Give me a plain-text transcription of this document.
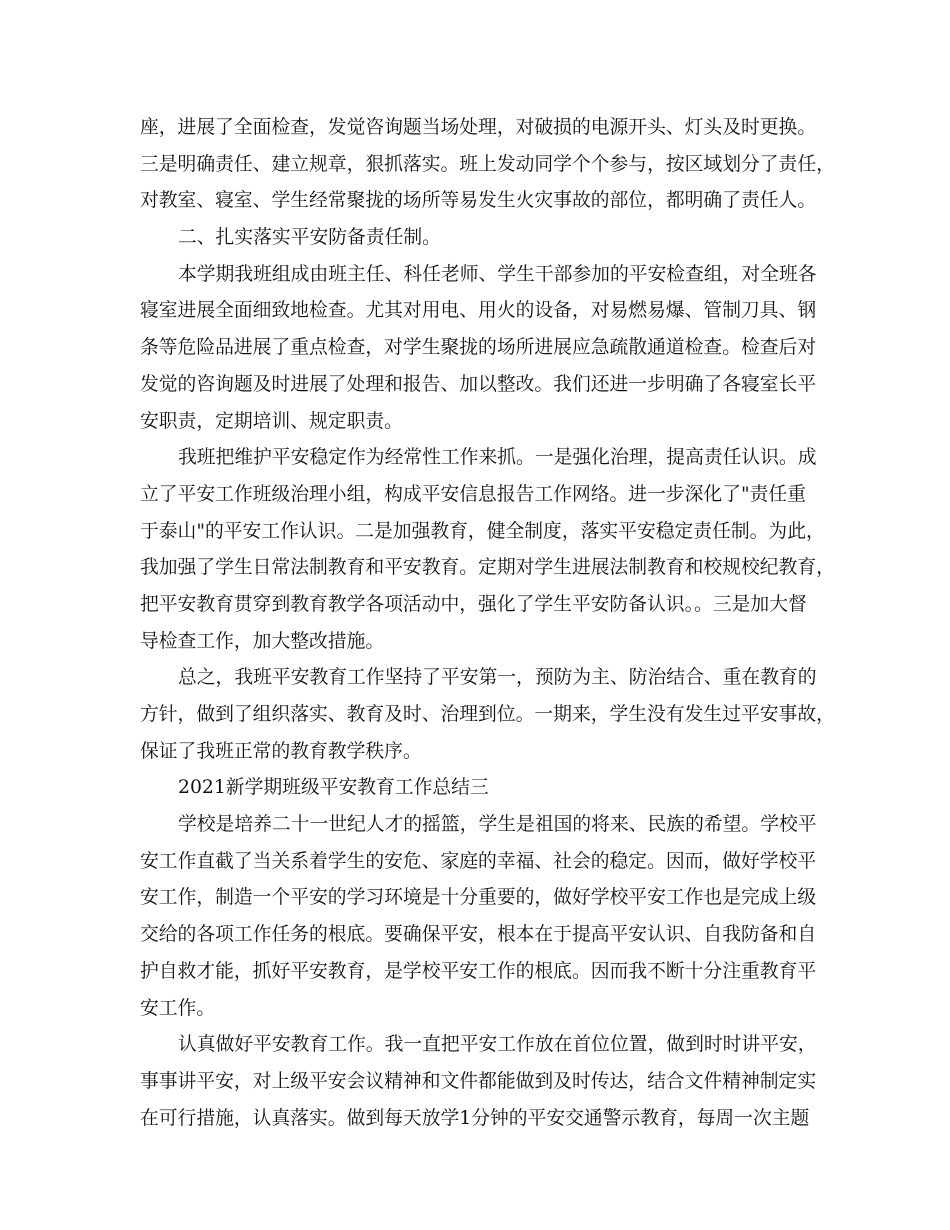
座，进展了全面检查，发觉咨询题当场处理，对破损的电源开头、灯头及时更换。
三是明确责任、建立规章，狠抓落实。班上发动同学个个参与，按区域划分了责任，
对教室、寝室、学生经常聚拢的场所等易发生火灾事故的部位，都明确了责任人。
二、扎实落实平安防备责任制。
本学期我班组成由班主任、科任老师、学生干部参加的平安检查组，对全班各
寝室进展全面细致地检查。尤其对用电、用火的设备，对易燃易爆、管制刀具、钢
条等危险品进展了重点检查，对学生聚拢的场所进展应急疏散通道检查。检查后对
发觉的咨询题及时进展了处理和报告、加以整改。我们还进一步明确了各寝室长平
安职责，定期培训、规定职责。
我班把维护平安稳定作为经常性工作来抓。一是强化治理，提高责任认识。成
立了平安工作班级治理小组，构成平安信息报告工作网络。进一步深化了"责任重
于泰山"的平安工作认识。二是加强教育，健全制度，落实平安稳定责任制。为此，
我加强了学生日常法制教育和平安教育。定期对学生进展法制教育和校规校纪教育，
把平安教育贯穿到教育教学各项活动中，强化了学生平安防备认识。。三是加大督
导检查工作，加大整改措施。
总之，我班平安教育工作坚持了平安第一，预防为主、防治结合、重在教育的
方针，做到了组织落实、教育及时、治理到位。一期来，学生没有发生过平安事故，
保证了我班正常的教育教学秩序。
2021新学期班级平安教育工作总结三
学校是培养二十一世纪人才的摇篮，学生是祖国的将来、民族的希望。学校平
安工作直截了当关系着学生的安危、家庭的幸福、社会的稳定。因而，做好学校平
安工作，制造一个平安的学习环境是十分重要的，做好学校平安工作也是完成上级
交给的各项工作任务的根底。要确保平安，根本在于提高平安认识、自我防备和自
护自救才能，抓好平安教育，是学校平安工作的根底。因而我不断十分注重教育平
安工作。
认真做好平安教育工作。我一直把平安工作放在首位位置，做到时时讲平安，
事事讲平安，对上级平安会议精神和文件都能做到及时传达，结合文件精神制定实
在可行措施，认真落实。做到每天放学1分钟的平安交通警示教育，每周一次主题
